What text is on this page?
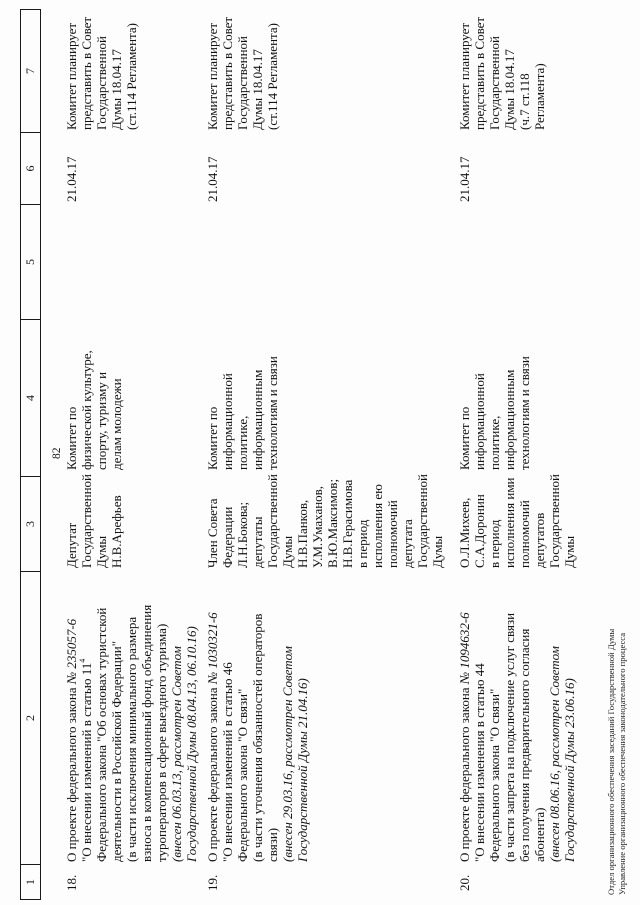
1
2
3
4
5
6
7
82
18.
О проекте федерального закона № 235057-6
"О внесении изменений в статью $11^4$ Федерального закона "Об основах туристской деятельности в Российской Федерации" (в части исключения минимального размера взноса в компенсационный фонд объединения туроператоров в сфере выездного туризма) (внесен 06.03.13, рассмотрен Советом Государственной Думы 08.04.13, 06.10.16)
Депутат Государственной Думы Н.В.Арефьев
Комитет по физической культуре, спорту, туризму и делам молодежи
21.04.17
Комитет планирует представить в Совет Государственной Думы 18.04.17 (ст.114 Регламента)
19.
О проекте федерального закона № 1030321-6
"О внесении изменений в статью 46 Федерального закона "О связи" (в части уточнения обязанностей операторов связи) (внесен 29.03.16, рассмотрен Советом Государственной Думы 21.04.16)
Член Совета Федерации Л.Н.Бокова; депутаты Государственной Думы Н.В.Панков, У.М.Умаханов, В.Ю.Максимов; Н.В.Герасимова в период исполнения ею полномочий депутата Государственной Думы
Комитет по информационной политике, информационным технологиям и связи
21.04.17
Комитет планирует представить в Совет Государственной Думы 18.04.17 (ст.114 Регламента)
20.
О проекте федерального закона № 1094632-6
"О внесении изменения в статью 44 Федерального закона "О связи" (в части запрета на подключение услуг связи без получения предварительного согласия абонента) (внесен 08.06.16, рассмотрен Советом Государственной Думы 23.06.16)
О.Л.Михеев, С.А.Доронин в период исполнения ими полномочий депутатов Государственной Думы
Комитет по информационной политике, информационным технологиям и связи
21.04.17
Комитет планирует представить в Совет Государственной Думы 18.04.17 (ч.7 ст.118 Регламента)
Отдел организационного обеспечения заседаний Государственной Думы Управление организационного обеспечения законодательного процесса
